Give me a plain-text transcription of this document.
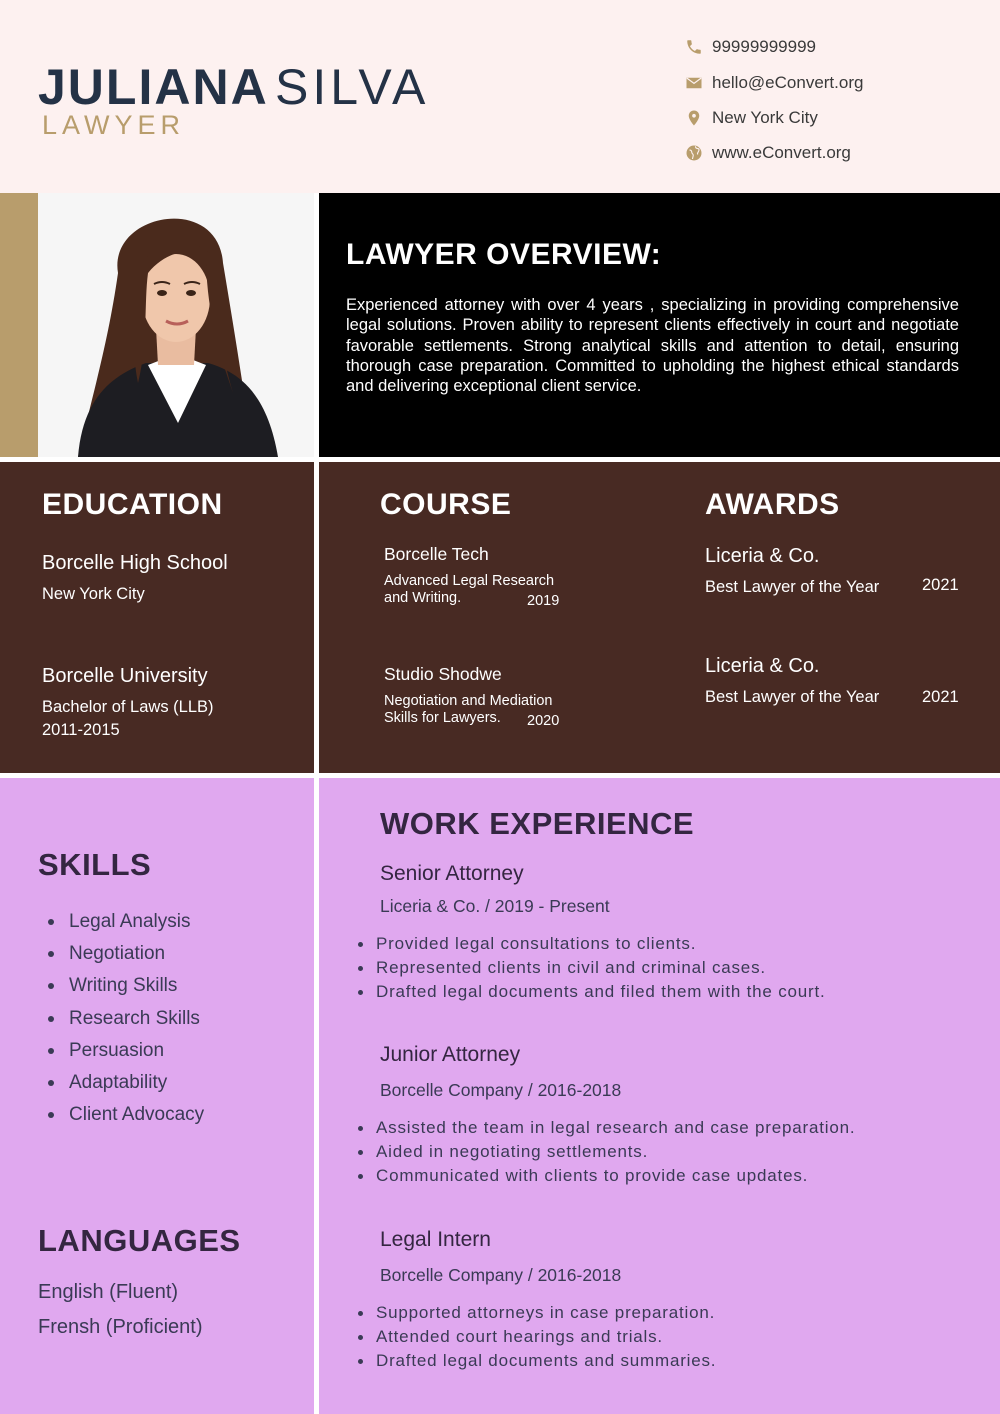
JULIANA SILVA
LAWYER
99999999999
hello@eConvert.org
New York City
www.eConvert.org
LAWYER OVERVIEW:
Experienced attorney with over 4 years , specializing in providing comprehensive legal solutions. Proven ability to represent clients effectively in court and negotiate favorable settlements. Strong analytical skills and attention to detail, ensuring thorough case preparation. Committed to upholding the highest ethical standards and delivering exceptional client service.
EDUCATION
Borcelle High School
New York City
Borcelle University
Bachelor of Laws (LLB)
2011-2015
COURSE
Borcelle Tech
Advanced Legal Research
and Writing.	2019
Studio Shodwe
Negotiation and Mediation
Skills for Lawyers. 2020
AWARDS
Liceria & Co.
Best Lawyer of the Year	2021
Liceria & Co.
Best Lawyer of the Year	2021
SKILLS
Legal Analysis
Negotiation
Writing Skills
Research Skills
Persuasion
Adaptability
Client Advocacy
LANGUAGES
English (Fluent)
Frensh (Proficient)
WORK EXPERIENCE
Senior Attorney
Liceria & Co. / 2019 - Present
Provided legal consultations to clients.
Represented clients in civil and criminal cases.
Drafted legal documents and filed them with the court.
Junior Attorney
Borcelle Company / 2016-2018
Assisted the team in legal research and case preparation.
Aided in negotiating settlements.
Communicated with clients to provide case updates.
Legal Intern
Borcelle Company / 2016-2018
Supported attorneys in case preparation.
Attended court hearings and trials.
Drafted legal documents and summaries.
